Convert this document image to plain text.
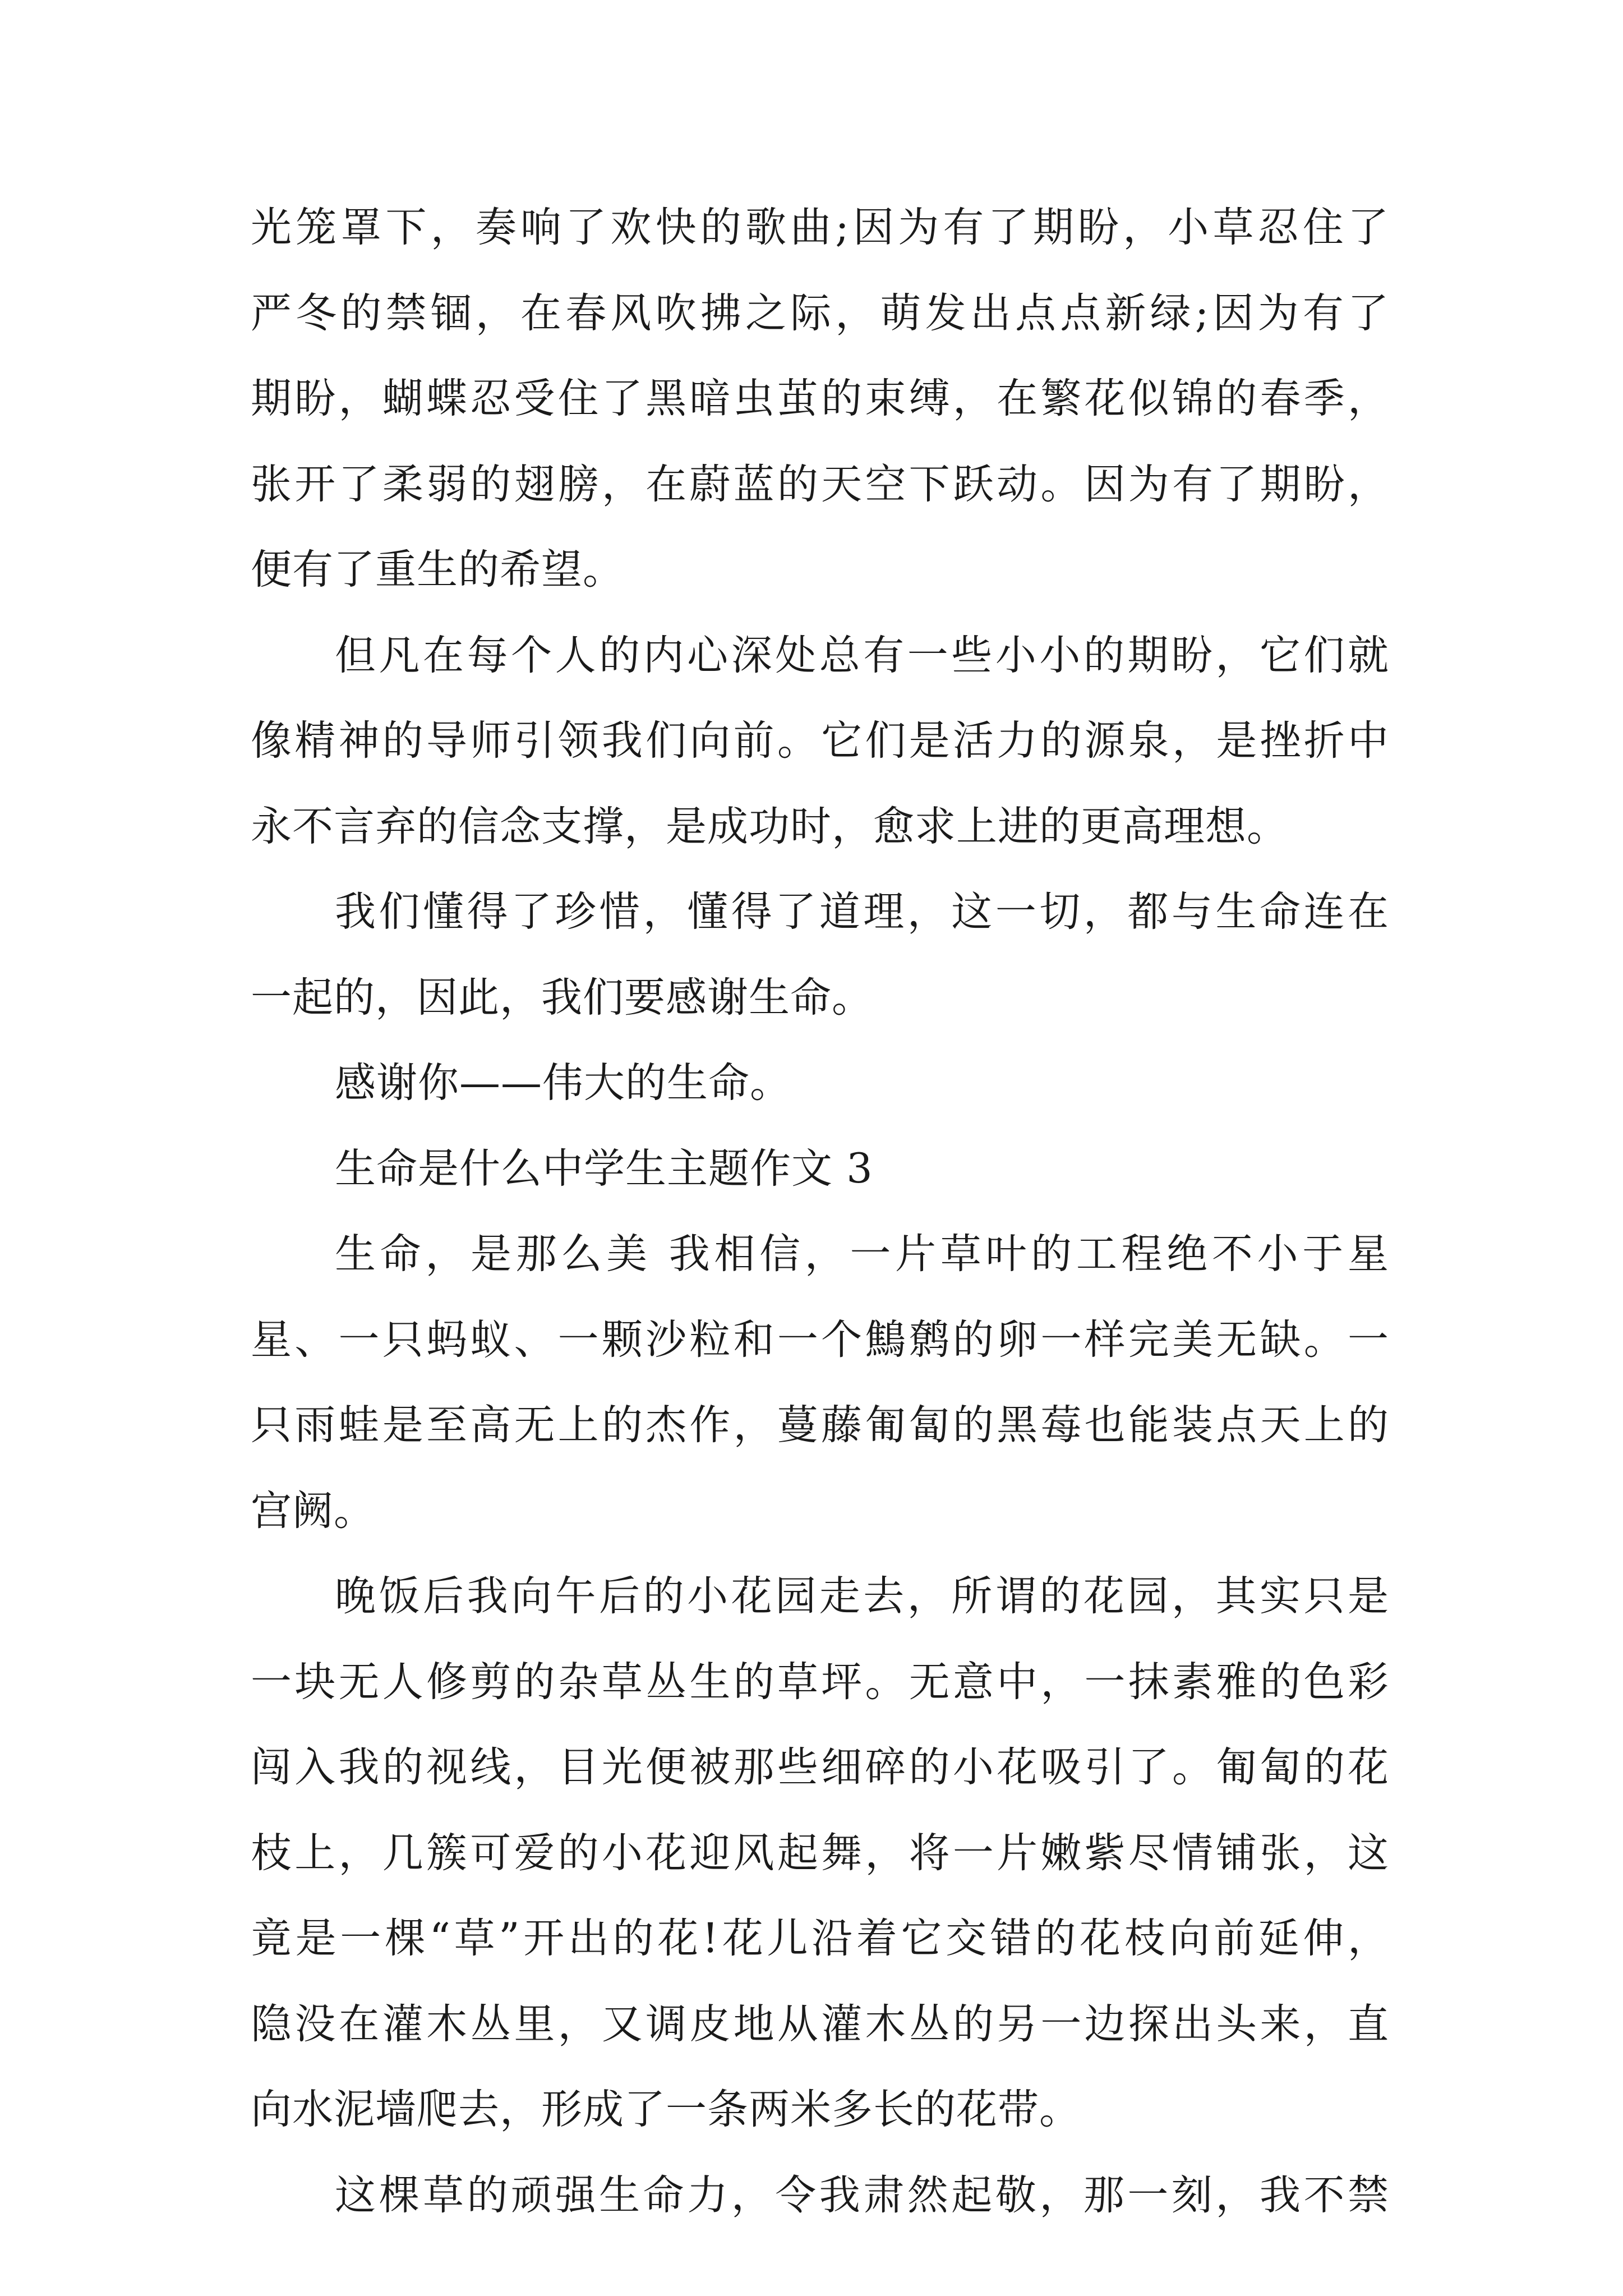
光笼罩下，奏响了欢快的歌曲;因为有了期盼，小草忍住了
严冬的禁锢，在春风吹拂之际，萌发出点点新绿;因为有了
期盼，蝴蝶忍受住了黑暗虫茧的束缚，在繁花似锦的春季，
张开了柔弱的翅膀，在蔚蓝的天空下跃动。因为有了期盼，
便有了重生的希望。
但凡在每个人的内心深处总有一些小小的期盼，它们就
像精神的导师引领我们向前。它们是活力的源泉，是挫折中
永不言弃的信念支撑，是成功时，愈求上进的更高理想。
我们懂得了珍惜，懂得了道理，这一切，都与生命连在
一起的，因此，我们要感谢生命。
感谢你——伟大的生命。
生命是什么中学生主题作文 3
生命，是那么美 我相信，一片草叶的工程绝不小于星
星、一只蚂蚁、一颗沙粒和一个鷦鹩的卵一样完美无缺。一
只雨蛙是至高无上的杰作，蔓藤匍匐的黑莓也能装点天上的
宫阙。
晚饭后我向午后的小花园走去，所谓的花园，其实只是
一块无人修剪的杂草丛生的草坪。无意中，一抹素雅的色彩
闯入我的视线，目光便被那些细碎的小花吸引了。匍匐的花
枝上，几簇可爱的小花迎风起舞，将一片嫩紫尽情铺张，这
竟是一棵“草”开出的花!花儿沿着它交错的花枝向前延伸，
隐没在灌木丛里，又调皮地从灌木丛的另一边探出头来，直
向水泥墙爬去，形成了一条两米多长的花带。
这棵草的顽强生命力，令我肃然起敬，那一刻，我不禁
